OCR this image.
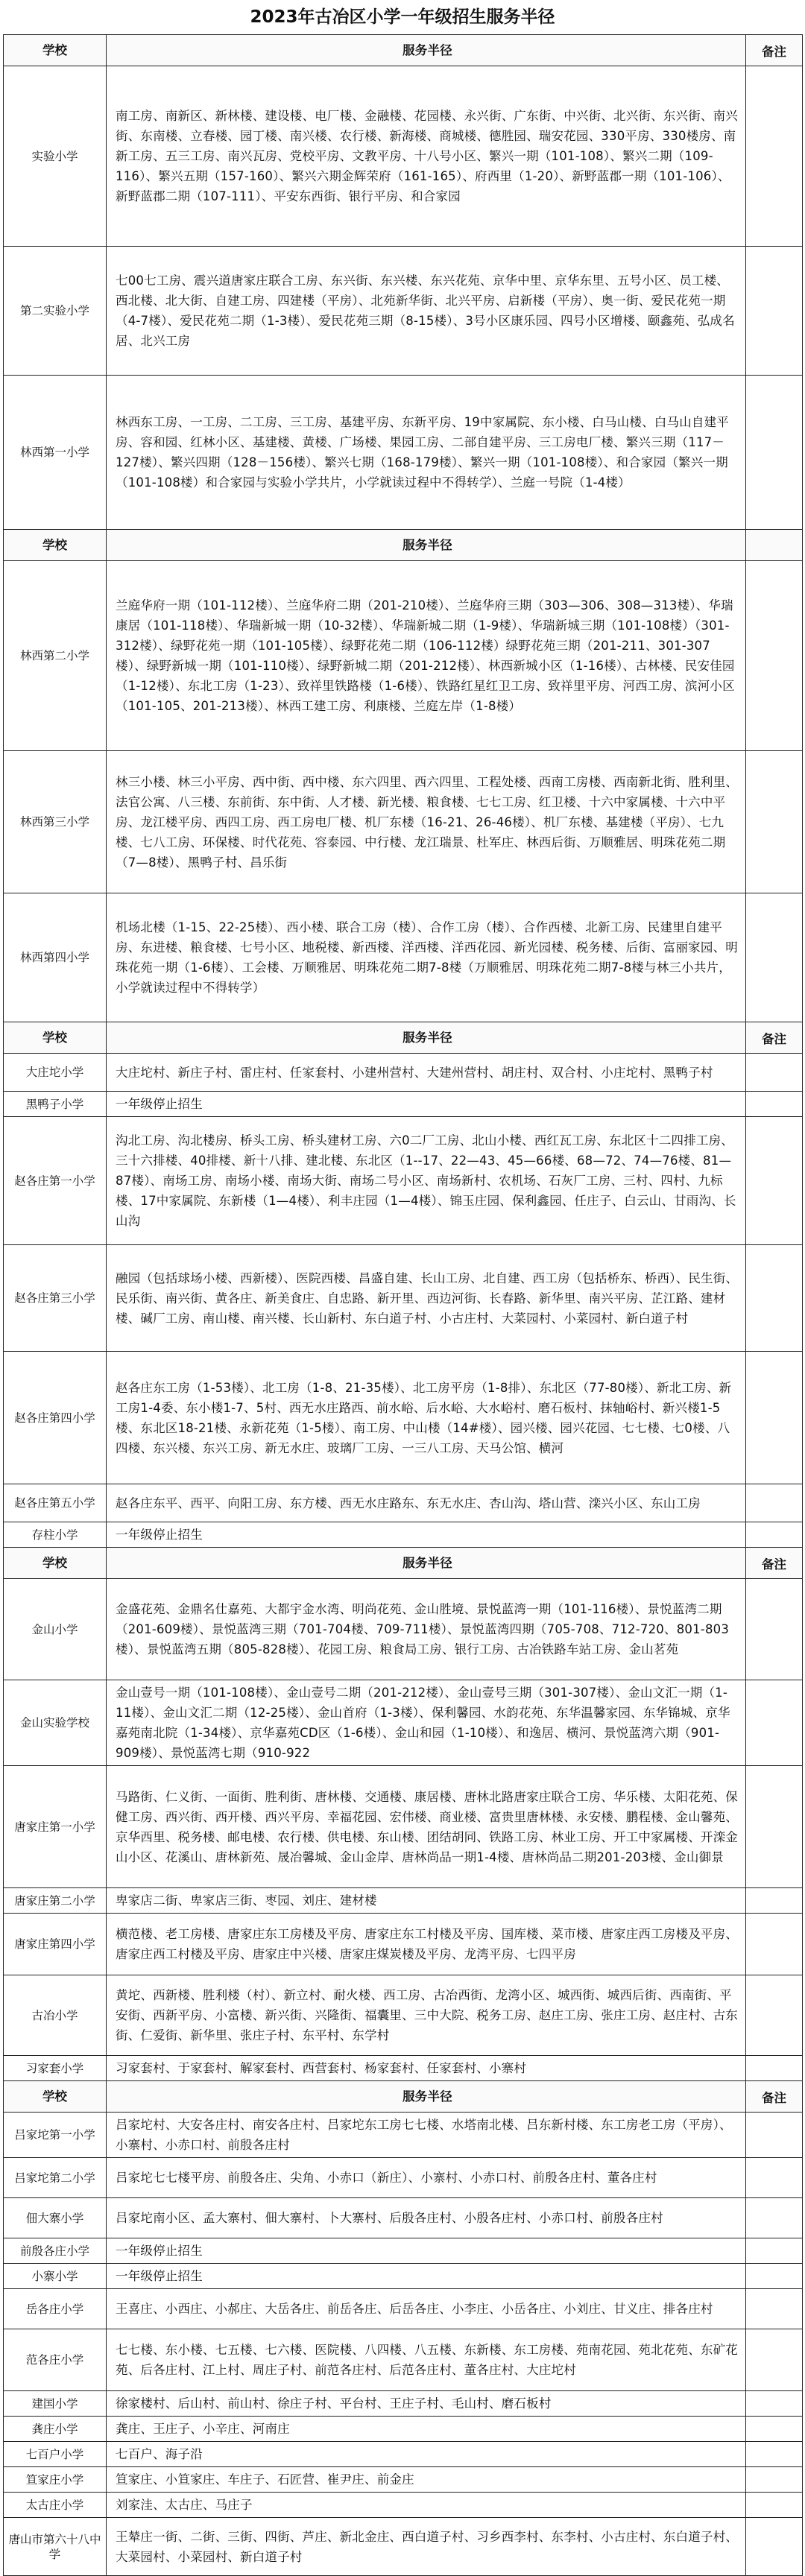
2023年古冶区小学一年级招生服务半径
学校	服务半径	备注
实验小学	南工房、南新区、新林楼、建设楼、电厂楼、金融楼、花园楼、永兴街、广东街、中兴街、北兴街、东兴街、南兴街、东南楼、立春楼、园丁楼、南兴楼、农行楼、新海楼、商城楼、德胜园、瑞安花园、330平房、330楼房、南新工房、五三工房、南兴瓦房、党校平房、文教平房、十八号小区、繁兴一期（101-108）、繁兴二期（109-116）、繁兴五期（157-160）、繁兴六期金辉荣府（161-165）、府西里（1-20）、新野蓝郡一期（101-106）、新野蓝郡二期（107-111）、平安东西街、银行平房、和合家园	
第二实验小学	七00七工房、震兴道唐家庄联合工房、东兴街、东兴楼、东兴花苑、京华中里、京华东里、五号小区、员工楼、西北楼、北大街、自建工房、四建楼（平房）、北苑新华街、北兴平房、启新楼（平房）、奥一街、爱民花苑一期（4-7楼）、爱民花苑二期（1-3楼）、爱民花苑三期（8-15楼）、3号小区康乐园、四号小区增楼、颐鑫苑、弘成名居、北兴工房	
林西第一小学	林西东工房、一工房、二工房、三工房、基建平房、东新平房、19中家属院、东小楼、白马山楼、白马山自建平房、容和园、红林小区、基建楼、黄楼、广场楼、果园工房、二部自建平房、三工房电厂楼、繁兴三期（117－127楼）、繁兴四期（128－156楼）、繁兴七期（168-179楼）、繁兴一期（101-108楼）、和合家园（繁兴一期（101-108楼）和合家园与实验小学共片，小学就读过程中不得转学）、兰庭一号院（1-4楼）	
学校	服务半径	
林西第二小学	兰庭华府一期（101-112楼）、兰庭华府二期（201-210楼）、兰庭华府三期（303—306、308—313楼）、华瑞康居（101-118楼）、华瑞新城一期（10-32楼）、华瑞新城二期（1-9楼）、华瑞新城三期（101-108楼）（301-312楼）、绿野花苑一期（101-105楼）、绿野花苑二期（106-112楼）绿野花苑三期（201-211、301-307楼）、绿野新城一期（101-110楼）、绿野新城二期（201-212楼）、林西新城小区（1-16楼）、古林楼、民安佳园（1-12楼）、东北工房（1-23）、致祥里铁路楼（1-6楼）、铁路红星红卫工房、致祥里平房、河西工房、滨河小区（101-105、201-213楼）、林西工建工房、利康楼、兰庭左岸（1-8楼）	
林西第三小学	林三小楼、林三小平房、西中街、西中楼、东六四里、西六四里、工程处楼、西南工房楼、西南新北街、胜利里、法官公寓、八三楼、东前街、东中街、人才楼、新光楼、粮食楼、七七工房、红卫楼、十六中家属楼、十六中平房、龙江楼平房、西四工房、西工房电厂楼、机厂东楼（16-21、26-46楼）、机厂东楼、基建楼（平房）、七九楼、七八工房、环保楼、时代花苑、容泰园、中行楼、龙江瑞景、杜军庄、林西后街、万顺雅居、明珠花苑二期（7—8楼）、黑鸭子村、昌乐街	
林西第四小学	机场北楼（1-15、22-25楼）、西小楼、联合工房（楼）、合作工房（楼）、合作西楼、北新工房、民建里自建平房、东进楼、粮食楼、七号小区、地税楼、新西楼、洋西楼、洋西花园、新光园楼、税务楼、后街、富丽家园、明珠花苑一期（1-6楼）、工会楼、万顺雅居、明珠花苑二期7-8楼（万顺雅居、明珠花苑二期7-8楼与林三小共片，小学就读过程中不得转学）	
学校	服务半径	备注
大庄坨小学	大庄坨村、新庄子村、雷庄村、任家套村、小建州营村、大建州营村、胡庄村、双合村、小庄坨村、黑鸭子村	
黑鸭子小学	一年级停止招生	
赵各庄第一小学	沟北工房、沟北楼房、桥头工房、桥头建材工房、六0二厂工房、北山小楼、西红瓦工房、东北区十二四排工房、三十六排楼、40排楼、新十八排、建北楼、东北区（1--17、22—43、45—66楼、68—72、74—76楼、81—87楼）、南场工房、南场小楼、南场大街、南场二号小区、南场新村、农机场、石灰厂工房、三村、四村、九标楼、17中家属院、东新楼（1—4楼）、利丰庄园（1—4楼）、锦玉庄园、保利鑫园、任庄子、白云山、甘雨沟、长山沟	
赵各庄第三小学	融园（包括球场小楼、西新楼）、医院西楼、昌盛自建、长山工房、北自建、西工房（包括桥东、桥西）、民生街、民乐街、南兴街、黄各庄、新美食庄、自忠路、新开里、西边河街、长春路、新华里、南兴平房、芷江路、建材楼、碱厂工房、南山楼、南兴楼、长山新村、东白道子村、小古庄村、大菜园村、小菜园村、新白道子村	
赵各庄第四小学	赵各庄东工房（1-53楼）、北工房（1-8、21-35楼）、北工房平房（1-8排）、东北区（77-80楼）、新北工房、新工房1-4委、东小楼1-7、5村、西无水庄路西、前水峪、后水峪、大水峪村、磨石板村、抹轴峪村、新兴楼1-5楼、东北区18-21楼、永新花苑（1-5楼）、南工房、中山楼（14#楼）、园兴楼、园兴花园、七七楼、七0楼、八四楼、东兴楼、东兴工房、新无水庄、玻璃厂工房、一三八工房、天马公馆、横河	
赵各庄第五小学	赵各庄东平、西平、向阳工房、东方楼、西无水庄路东、东无水庄、杏山沟、塔山营、滦兴小区、东山工房	
存柱小学	一年级停止招生	
学校	服务半径	备注
金山小学	金盛花苑、金鼎名仕嘉苑、大都宇金水湾、明尚花苑、金山胜境、景悦蓝湾一期（101-116楼）、景悦蓝湾二期（201-609楼）、景悦蓝湾三期（701-704楼、709-711楼）、景悦蓝湾四期（705-708、712-720、801-803楼）、景悦蓝湾五期（805-828楼）、花园工房、粮食局工房、银行工房、古冶铁路车站工房、金山茗苑	
金山实验学校	金山壹号一期（101-108楼）、金山壹号二期（201-212楼）、金山壹号三期（301-307楼）、金山文汇一期（1-11楼）、金山文汇二期（12-25楼）、金山首府（1-3楼）、保利馨园、水韵花苑、东华温馨家园、东华锦城、京华嘉苑南北院（1-34楼）、京华嘉苑CD区（1-6楼）、金山和园（1-10楼）、和逸居、横河、景悦蓝湾六期（901-909楼）、景悦蓝湾七期（910-922	
唐家庄第一小学	马路街、仁义街、一面街、胜利街、唐林楼、交通楼、康居楼、唐林北路唐家庄联合工房、华乐楼、太阳花苑、保健工房、西兴街、西开楼、西兴平房、幸福花园、宏伟楼、商业楼、富贵里唐林楼、永安楼、鹏程楼、金山馨苑、京华西里、税务楼、邮电楼、农行楼、供电楼、东山楼、团结胡同、铁路工房、林业工房、开工中家属楼、开滦金山小区、花溪山、唐林新苑、晟冶馨城、金山金岸、唐林尚品一期1-4楼、唐林尚品二期201-203楼、金山御景	
唐家庄第二小学	卑家店二街、卑家店三街、枣园、刘庄、建材楼	
唐家庄第四小学	横范楼、老工房楼、唐家庄东工房楼及平房、唐家庄东工村楼及平房、国库楼、菜市楼、唐家庄西工房楼及平房、唐家庄西工村楼及平房、唐家庄中兴楼、唐家庄煤炭楼及平房、龙湾平房、七四平房	
古冶小学	黄坨、西新楼、胜利楼（村）、新立村、耐火楼、西工房、古冶西街、龙湾小区、城西街、城西后街、西南街、平安街、西新平房、小富楼、新兴街、兴隆街、福囊里、三中大院、税务工房、赵庄工房、张庄工房、赵庄村、古东街、仁爱街、新华里、张庄子村、东平村、东学村	
习家套小学	习家套村、于家套村、解家套村、西营套村、杨家套村、任家套村、小寨村	
学校	服务半径	备注
吕家坨第一小学	吕家坨村、大安各庄村、南安各庄村、吕家坨东工房七七楼、水塔南北楼、吕东新村楼、东工房老工房（平房）、小寨村、小赤口村、前殷各庄村	
吕家坨第二小学	吕家坨七七楼平房、前殷各庄、尖角、小赤口（新庄）、小寨村、小赤口村、前殷各庄村、董各庄村	
佃大寨小学	吕家坨南小区、孟大寨村、佃大寨村、卜大寨村、后殷各庄村、小殷各庄村、小赤口村、前殷各庄村	
前殷各庄小学	一年级停止招生	
小寨小学	一年级停止招生	
岳各庄小学	王喜庄、小西庄、小郝庄、大岳各庄、前岳各庄、后岳各庄、小李庄、小岳各庄、小刘庄、甘义庄、排各庄村	
范各庄小学	七七楼、东小楼、七五楼、七六楼、医院楼、八四楼、八五楼、东新楼、东工房楼、苑南花园、苑北花苑、东矿花苑、后各庄村、江上村、周庄子村、前范各庄村、后范各庄村、董各庄村、大庄坨村	
建国小学	徐家楼村、后山村、前山村、徐庄子村、平台村、王庄子村、毛山村、磨石板村	
龚庄小学	龚庄、王庄子、小辛庄、河南庄	
七百户小学	七百户、海子沿	
笪家庄小学	笪家庄、小笪家庄、车庄子、石匠营、崔尹庄、前金庄	
太古庄小学	刘家洼、太古庄、马庄子	
唐山市第六十八中学	王辇庄一街、二街、三街、四街、芦庄、新北金庄、西白道子村、习乡西李村、东李村、小古庄村、东白道子村、大菜园村、小菜园村、新白道子村	
